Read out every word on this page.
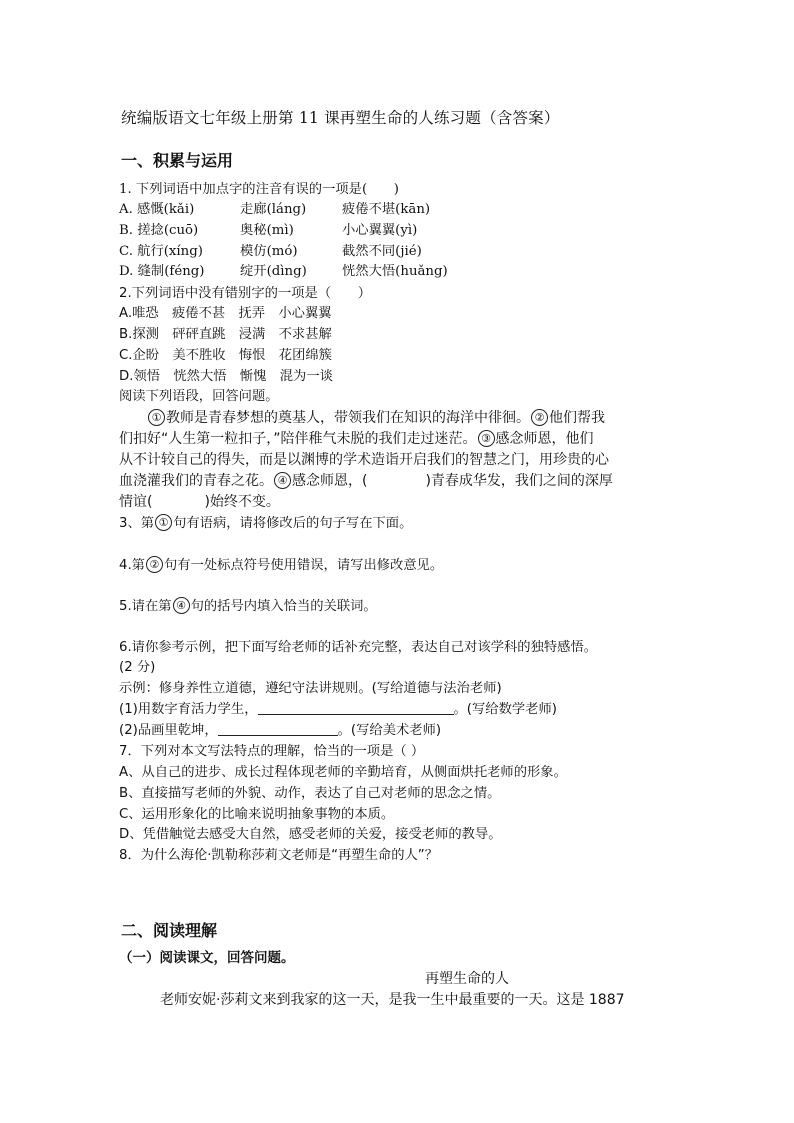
统编版语文七年级上册第 11 课再塑生命的人练习题（含答案）
一、积累与运用
1. 下列词语中加点字的注音有误的一项是(　　)
A. 感慨(kǎi)	走廊(láng)	疲倦不堪(kān)
B. 搓捻(cuō)	奥秘(mì)	小心翼翼(yì)
C. 航行(xíng)	模仿(mó)	截然不同(jié)
D. 缝制(féng)	绽开(dìng)	恍然大悟(huǎng)
2.下列词语中没有错别字的一项是（　　）
A.唯恐　疲倦不甚　抚弄　小心翼翼
B.探测　砰砰直跳　浸满　不求甚解
C.企盼　美不胜收　悔恨　花团绵簇
D.领悟　恍然大悟　惭愧　混为一谈
阅读下列语段，回答问题。
① 教师是青春梦想的奠基人，带领我们在知识的海洋中徘徊。 ② 他们帮我
们扣好“人生第一粒扣子，”陪伴稚气未脱的我们走过迷茫。 ③ 感念师恩，他们
从不计较自己的得失，而是以渊博的学术造诣开启我们的智慧之门，用珍贵的心
血浇灌我们的青春之花。 ④ 感念师恩，(	)青春成华发，我们之间的深厚
情谊(	)始终不变。
3、第 ① 句有语病，请将修改后的句子写在下面。
4.第 ② 句有一处标点符号使用错误，请写出修改意见。
5.请在第 ④ 句的括号内填入恰当的关联词。
6.请你参考示例，把下面写给老师的话补充完整，表达自己对该学科的独特感悟。
(2 分)
示例：修身养性立道德，遵纪守法讲规则。(写给道德与法治老师)
(1)用数字育活力学生，	。(写给数学老师)
(2)品画里乾坤，	。(写给美术老师)
7．下列对本文写法特点的理解，恰当的一项是（ ）
A、从自己的进步、成长过程体现老师的辛勤培育，从侧面烘托老师的形象。
B、直接描写老师的外貌、动作，表达了自己对老师的思念之情。
C、运用形象化的比喻来说明抽象事物的本质。
D、凭借触觉去感受大自然，感受老师的关爱，接受老师的教导。
8．为什么海伦·凯勒称莎莉文老师是“再塑生命的人”？
二、阅读理解
（一）阅读课文，回答问题。
再塑生命的人
老师安妮·莎莉文来到我家的这一天，是我一生中最重要的一天。这是 1887
